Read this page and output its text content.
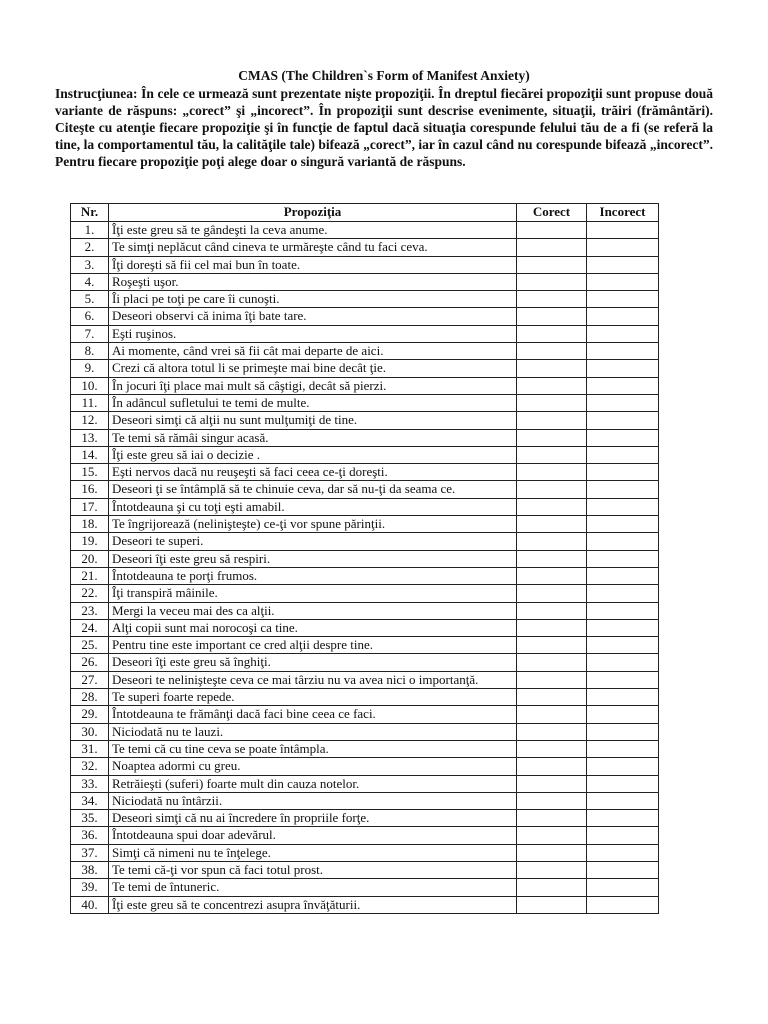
CMAS (The Children`s Form of Manifest Anxiety)
Instrucţiunea: În cele ce urmează sunt prezentate nişte propoziţii. În dreptul fiecărei propoziţii sunt propuse două variante de răspuns: „corect” şi „incorect”. În propoziţii sunt descrise evenimente, situaţii, trăiri (frământări). Citeşte cu atenţie fiecare propoziţie şi în funcţie de faptul dacă situaţia corespunde felului tău de a fi (se referă la tine, la comportamentul tău, la calităţile tale) bifează „corect”, iar în cazul când nu corespunde bifează „incorect”. Pentru fiecare propoziţie poţi alege doar o singură variantă de răspuns.
Nr.	Propoziţia	Corect	Incorect
1.	Îţi este greu să te gândeşti la ceva anume.		
2.	Te simţi neplăcut când cineva te urmăreşte când tu faci ceva.		
3.	Îţi doreşti să fii cel mai bun în toate.		
4.	Roşeşti uşor.		
5.	Îi placi pe toţi pe care îi cunoşti.		
6.	Deseori observi că inima îţi bate tare.		
7.	Eşti ruşinos.		
8.	Ai momente, când vrei să fii cât mai departe de aici.		
9.	Crezi că altora totul li se primeşte mai bine decât ţie.		
10.	În jocuri îţi place mai mult să câştigi, decât să pierzi.		
11.	În adâncul sufletului te temi de multe.		
12.	Deseori simţi că alţii nu sunt mulţumiţi de tine.		
13.	Te temi să rămâi singur acasă.		
14.	Îţi este greu să iai o decizie .		
15.	Eşti nervos dacă nu reuşeşti să faci ceea ce-ţi doreşti.		
16.	Deseori ţi se întâmplă să te chinuie ceva, dar să nu-ţi da seama ce.		
17.	Întotdeauna şi cu toţi eşti amabil.		
18.	Te îngrijorează (nelinişteşte) ce-ţi vor spune părinţii.		
19.	Deseori te superi.		
20.	Deseori îţi este greu să respiri.		
21.	Întotdeauna te porţi frumos.		
22.	Îţi transpiră mâinile.		
23.	Mergi la veceu mai des ca alţii.		
24.	Alţi copii sunt mai norocoşi ca tine.		
25.	Pentru tine este important ce cred alţii despre tine.		
26.	Deseori îţi este greu să înghiţi.		
27.	Deseori te nelinişteşte ceva ce mai târziu nu va avea nici o importanţă.		
28.	Te superi foarte repede.		
29.	Întotdeauna te frămânţi dacă faci bine ceea ce faci.		
30.	Niciodată nu te lauzi.		
31.	Te temi că cu tine ceva se poate întâmpla.		
32.	Noaptea adormi cu greu.		
33.	Retrăieşti (suferi) foarte mult din cauza notelor.		
34.	Niciodată nu întârzii.		
35.	Deseori simţi că nu ai încredere în propriile forţe.		
36.	Întotdeauna spui doar adevărul.		
37.	Simţi că nimeni nu te înţelege.		
38.	Te temi că-ţi vor spun că faci totul prost.		
39.	Te temi de întuneric.		
40.	Îţi este greu să te concentrezi asupra învăţăturii.		
